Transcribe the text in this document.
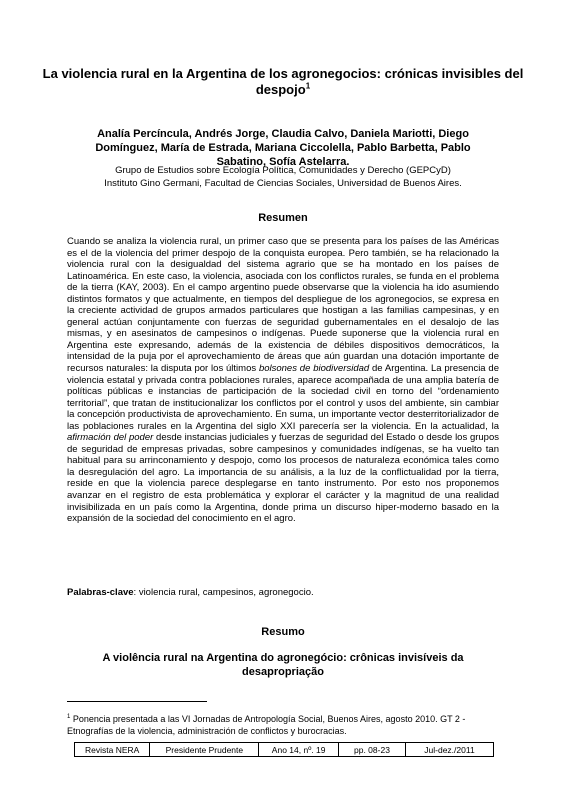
La violencia rural en la Argentina de los agronegocios: crónicas invisibles del despojo$^1$
Analía Percíncula, Andrés Jorge, Claudia Calvo, Daniela Mariotti, Diego Domínguez, María de Estrada, Mariana Ciccolella, Pablo Barbetta, Pablo Sabatino, Sofía Astelarra.
Grupo de Estudios sobre Ecología Política, Comunidades y Derecho (GEPCyD)
Instituto Gino Germani, Facultad de Ciencias Sociales, Universidad de Buenos Aires.
Resumen

Cuando se analiza la violencia rural, un primer caso que se presenta para los países de las Américas es el de la violencia del primer despojo de la conquista europea. Pero también, se ha relacionado la violencia rural con la desigualdad del sistema agrario que se ha montado en los países de Latinoamérica. En este caso, la violencia, asociada con los conflictos rurales, se funda en el problema de la tierra (KAY, 2003). En el campo argentino puede observarse que la violencia ha ido asumiendo distintos formatos y que actualmente, en tiempos del despliegue de los agronegocios, se expresa en la creciente actividad de grupos armados particulares que hostigan a las familias campesinas, y en general actúan conjuntamente con fuerzas de seguridad gubernamentales en el desalojo de las mismas, y en asesinatos de campesinos o indígenas. Puede suponerse que la violencia rural en Argentina este expresando, además de la existencia de débiles dispositivos democráticos, la intensidad de la puja por el aprovechamiento de áreas que aún guardan una dotación importante de recursos naturales: la disputa por los últimos bolsones de biodiversidad de Argentina. La presencia de violencia estatal y privada contra poblaciones rurales, aparece acompañada de una amplia batería de políticas públicas e instancias de participación de la sociedad civil en torno del “ordenamiento territorial”, que tratan de institucionalizar los conflictos por el control y usos del ambiente, sin cambiar la concepción productivista de aprovechamiento. En suma, un importante vector desterritorializador de las poblaciones rurales en la Argentina del siglo XXI parecería ser la violencia. En la actualidad, la afirmación del poder desde instancias judiciales y fuerzas de seguridad del Estado o desde los grupos de seguridad de empresas privadas, sobre campesinos y comunidades indígenas, se ha vuelto tan habitual para su arrinconamiento y despojo, como los procesos de naturaleza económica tales como la desregulación del agro. La importancia de su análisis, a la luz de la conflictualidad por la tierra, reside en que la violencia parece desplegarse en tanto instrumento. Por esto nos proponemos avanzar en el registro de esta problemática y explorar el carácter y la magnitud de una realidad invisibilizada en un país como la Argentina, donde prima un discurso hiper-moderno basado en la expansión de la sociedad del conocimiento en el agro.

Palabras-clave: violencia rural, campesinos, agronegocio.
Resumo
A violência rural na Argentina do agronegócio: crônicas invisíveis da desapropriação
$^1$ Ponencia presentada a las VI Jornadas de Antropología Social, Buenos Aires, agosto 2010. GT 2 - Etnografías de la violencia, administración de conflictos y burocracias.
Revista NERA	Presidente Prudente	Ano 14, nº. 19	pp. 08-23	Jul-dez./2011
